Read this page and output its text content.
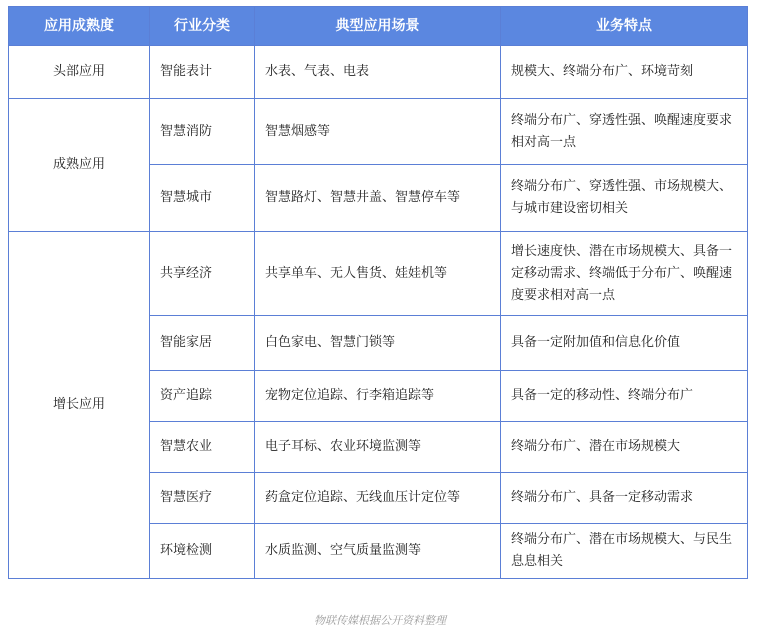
应用成熟度	行业分类	典型应用场景	业务特点
头部应用	智能表计	水表、气表、电表	规模大、终端分布广、环境苛刻
成熟应用	智慧消防	智慧烟感等	终端分布广、穿透性强、唤醒速度要求相对高一点
	智慧城市	智慧路灯、智慧井盖、智慧停车等	终端分布广、穿透性强、市场规模大、与城市建设密切相关
增长应用	共享经济	共享单车、无人售货、娃娃机等	增长速度快、潜在市场规模大、具备一定移动需求、终端低于分布广、唤醒速度要求相对高一点
	智能家居	白色家电、智慧门锁等	具备一定附加值和信息化价值
	资产追踪	宠物定位追踪、行李箱追踪等	具备一定的移动性、终端分布广
	智慧农业	电子耳标、农业环境监测等	终端分布广、潜在市场规模大
	智慧医疗	药盒定位追踪、无线血压计定位等	终端分布广、具备一定移动需求
	环境检测	水质监测、空气质量监测等	终端分布广、潜在市场规模大、与民生息息相关
物联传媒根据公开资料整理
